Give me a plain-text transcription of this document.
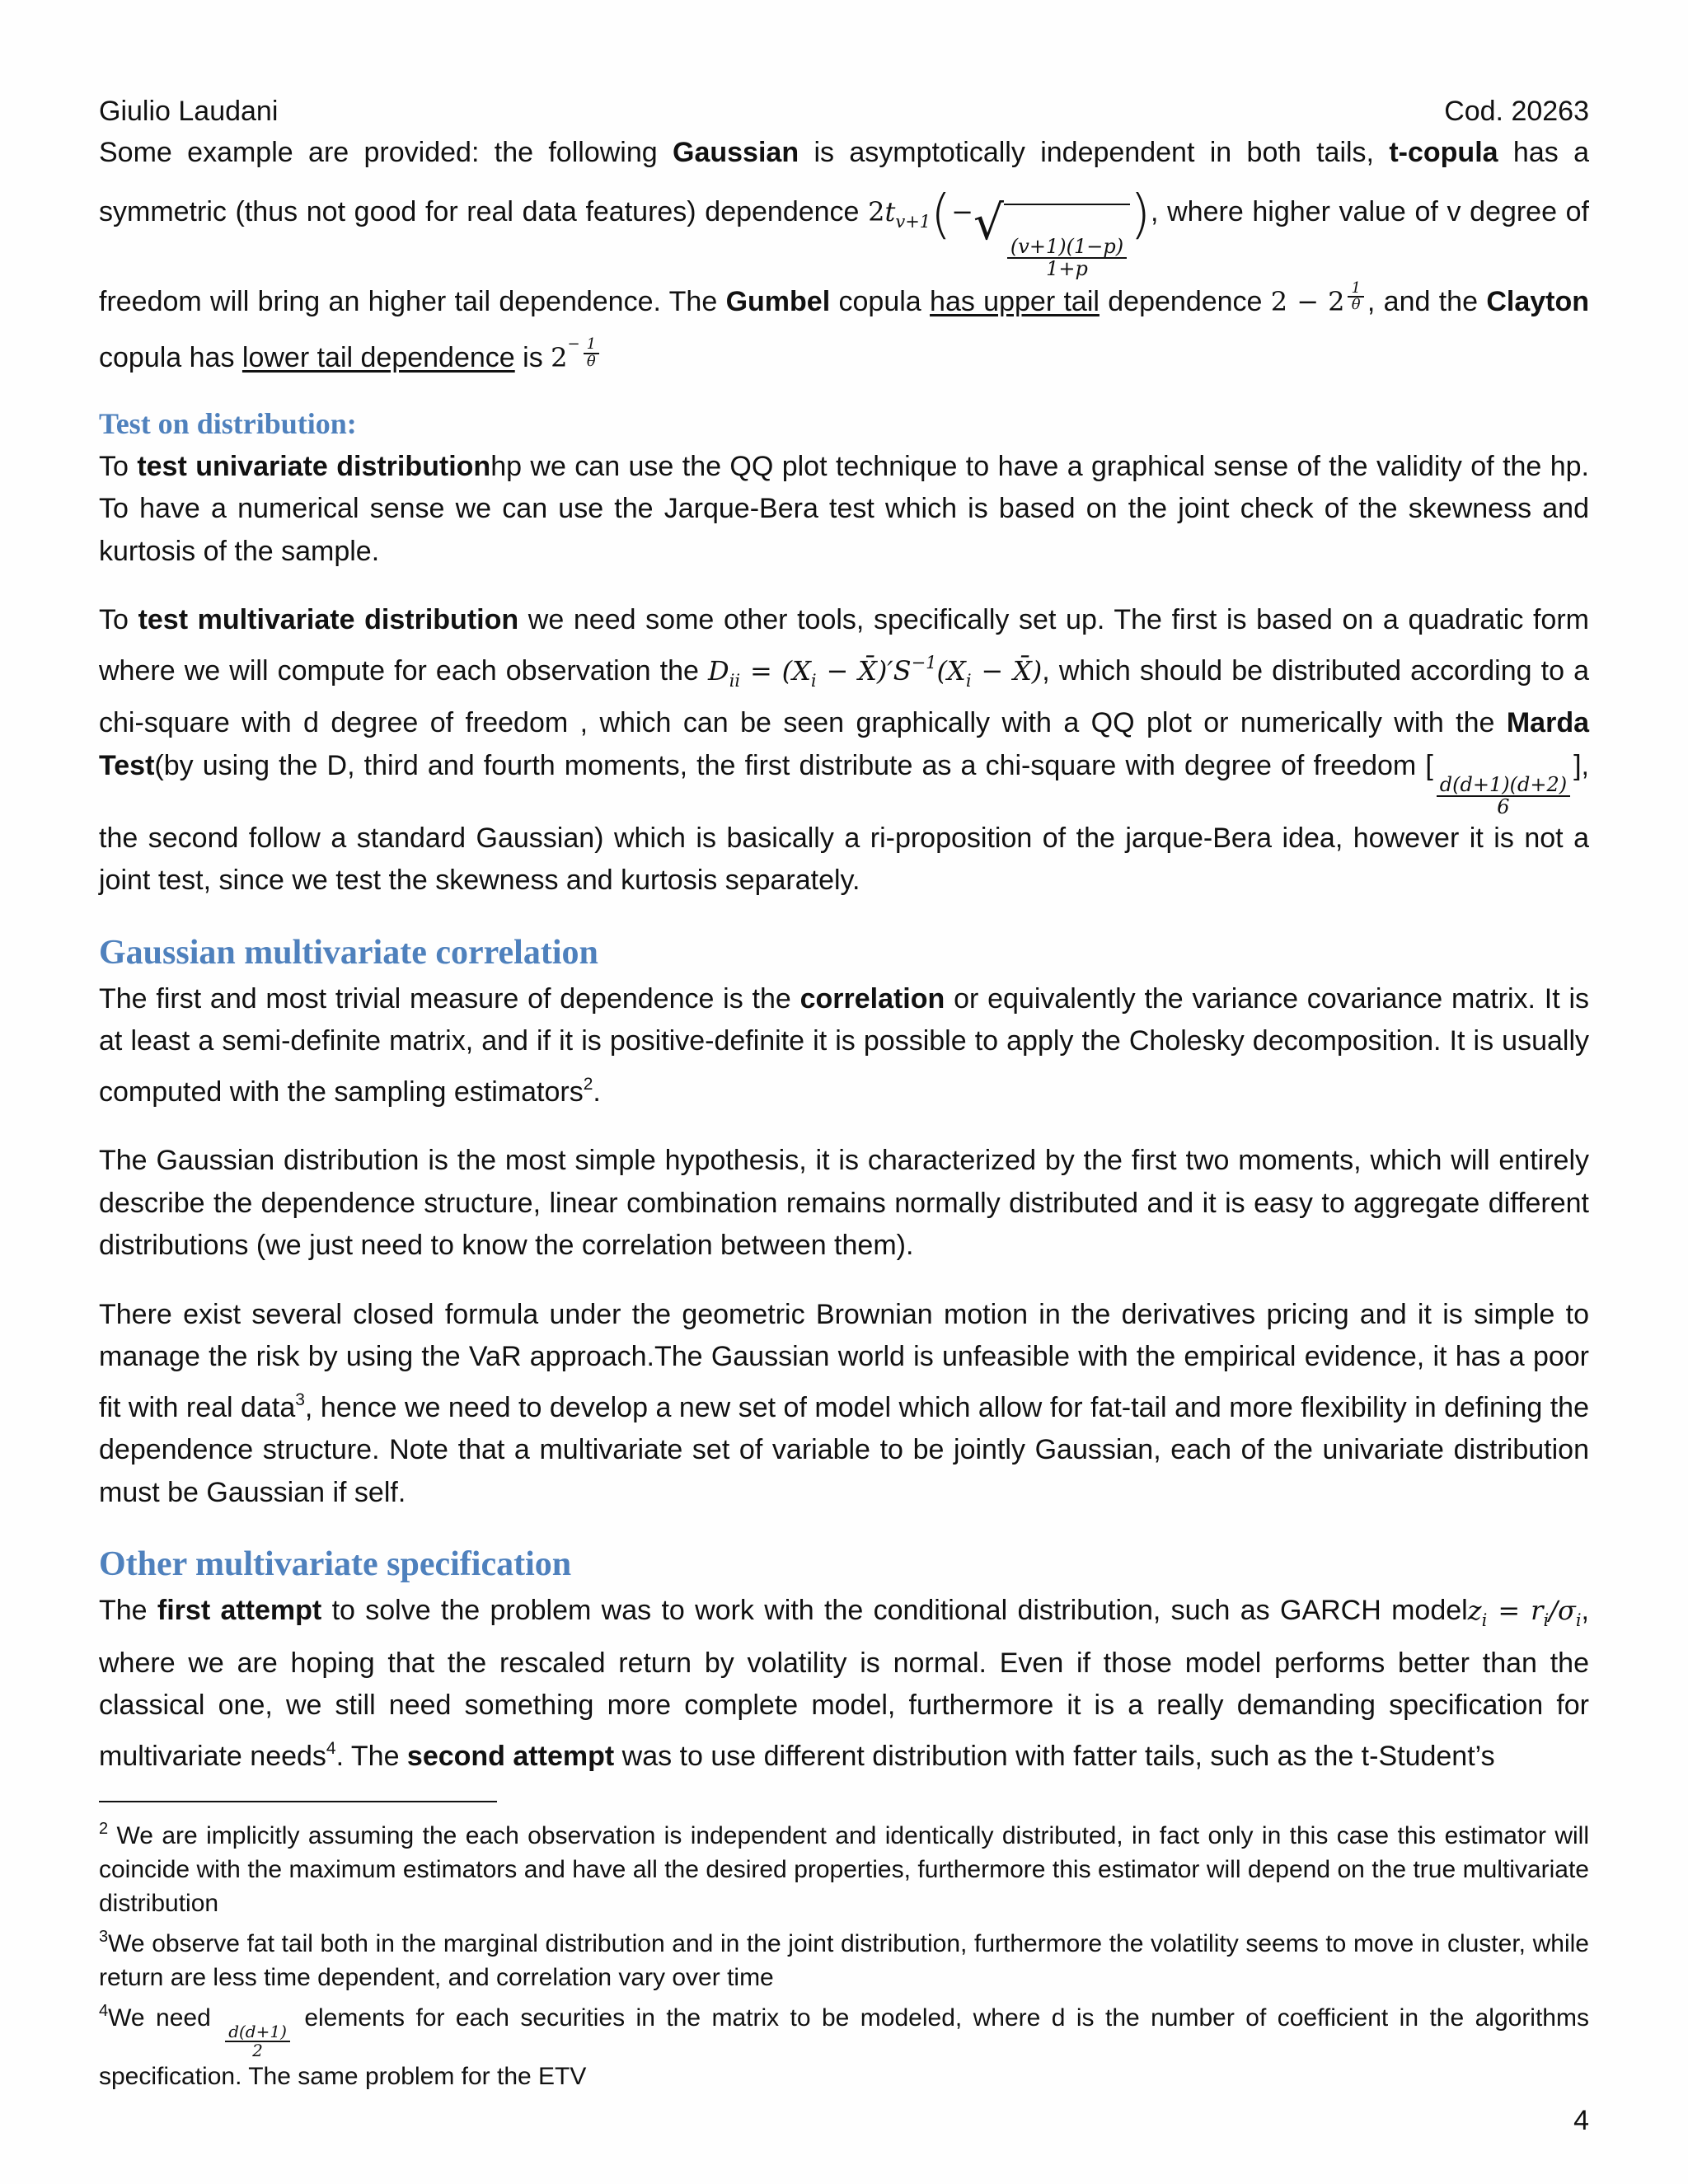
Giulio Laudani	Cod. 20263

Some example are provided: the following Gaussian is asymptotically independent in both tails, t-copula has a symmetric (thus not good for real data features) dependence $2t_{v+1}(-$ √
$\frac{(v+1)(1-p)}{1+p}$
), where higher value of v degree of freedom will bring an higher tail dependence. The Gumbel copula has upper tail dependence $2 - 2 \frac{1}{\theta}$ , and the Clayton copula has lower tail dependence is $2^- \frac{1}{\theta}$

Test on distribution:

To test univariate distributionhp we can use the QQ plot technique to have a graphical sense of the validity of the hp. To have a numerical sense we can use the Jarque-Bera test which is based on the joint check of the skewness and kurtosis of the sample.

To test multivariate distribution we need some other tools, specifically set up. The first is based on a quadratic form where we will compute for each observation the $D_{ii} = (X_i$ − $X̄)'S^{-1}(X_i$ − X̄), which should be distributed according to a chi-square with d degree of freedom , which can be seen graphically with a QQ plot or numerically with the Marda Test(by using the D, third and fourth moments, the first distribute as a chi-square with degree of freedom [
$\frac{d(d+1)(d+2)}{6}$
], the second follow a standard Gaussian) which is basically a ri-proposition of the jarque-Bera idea, however it is not a joint test, since we test the skewness and kurtosis separately.

Gaussian multivariate correlation

The first and most trivial measure of dependence is the correlation or equivalently the variance covariance matrix. It is at least a semi-definite matrix, and if it is positive-definite it is possible to apply the Cholesky decomposition. It is usually computed with the sampling estimators$^2$.

The Gaussian distribution is the most simple hypothesis, it is characterized by the first two moments, which will entirely describe the dependence structure, linear combination remains normally distributed and it is easy to aggregate different distributions (we just need to know the correlation between them).

There exist several closed formula under the geometric Brownian motion in the derivatives pricing and it is simple to manage the risk by using the VaR approach.The Gaussian world is unfeasible with the empirical evidence, it has a poor fit with real data$^3$, hence we need to develop a new set of model which allow for fat-tail and more flexibility in defining the dependence structure. Note that a multivariate set of variable to be jointly Gaussian, each of the univariate distribution must be Gaussian if self.

Other multivariate specification

The first attempt to solve the problem was to work with the conditional distribution, such as GARCH modelz$_i$ = $r_i/\sigma_i$, where we are hoping that the rescaled return by volatility is normal. Even if those model performs better than the classical one, we still need something more complete model, furthermore it is a really demanding specification for multivariate needs$^4$. The second attempt was to use different distribution with fatter tails, such as the t-Student’s

$^2$ We are implicitly assuming the each observation is independent and identically distributed, in fact only in this case this estimator will coincide with the maximum estimators and have all the desired properties, furthermore this estimator will depend on the true multivariate distribution

$^3$We observe fat tail both in the marginal distribution and in the joint distribution, furthermore the volatility seems to move in cluster, while return are less time dependent, and correlation vary over time

$^4$We need
$\frac{d(d+1)}{2}$
elements for each securities in the matrix to be modeled, where d is the number of coefficient in the algorithms specification. The same problem for the ETV

4
